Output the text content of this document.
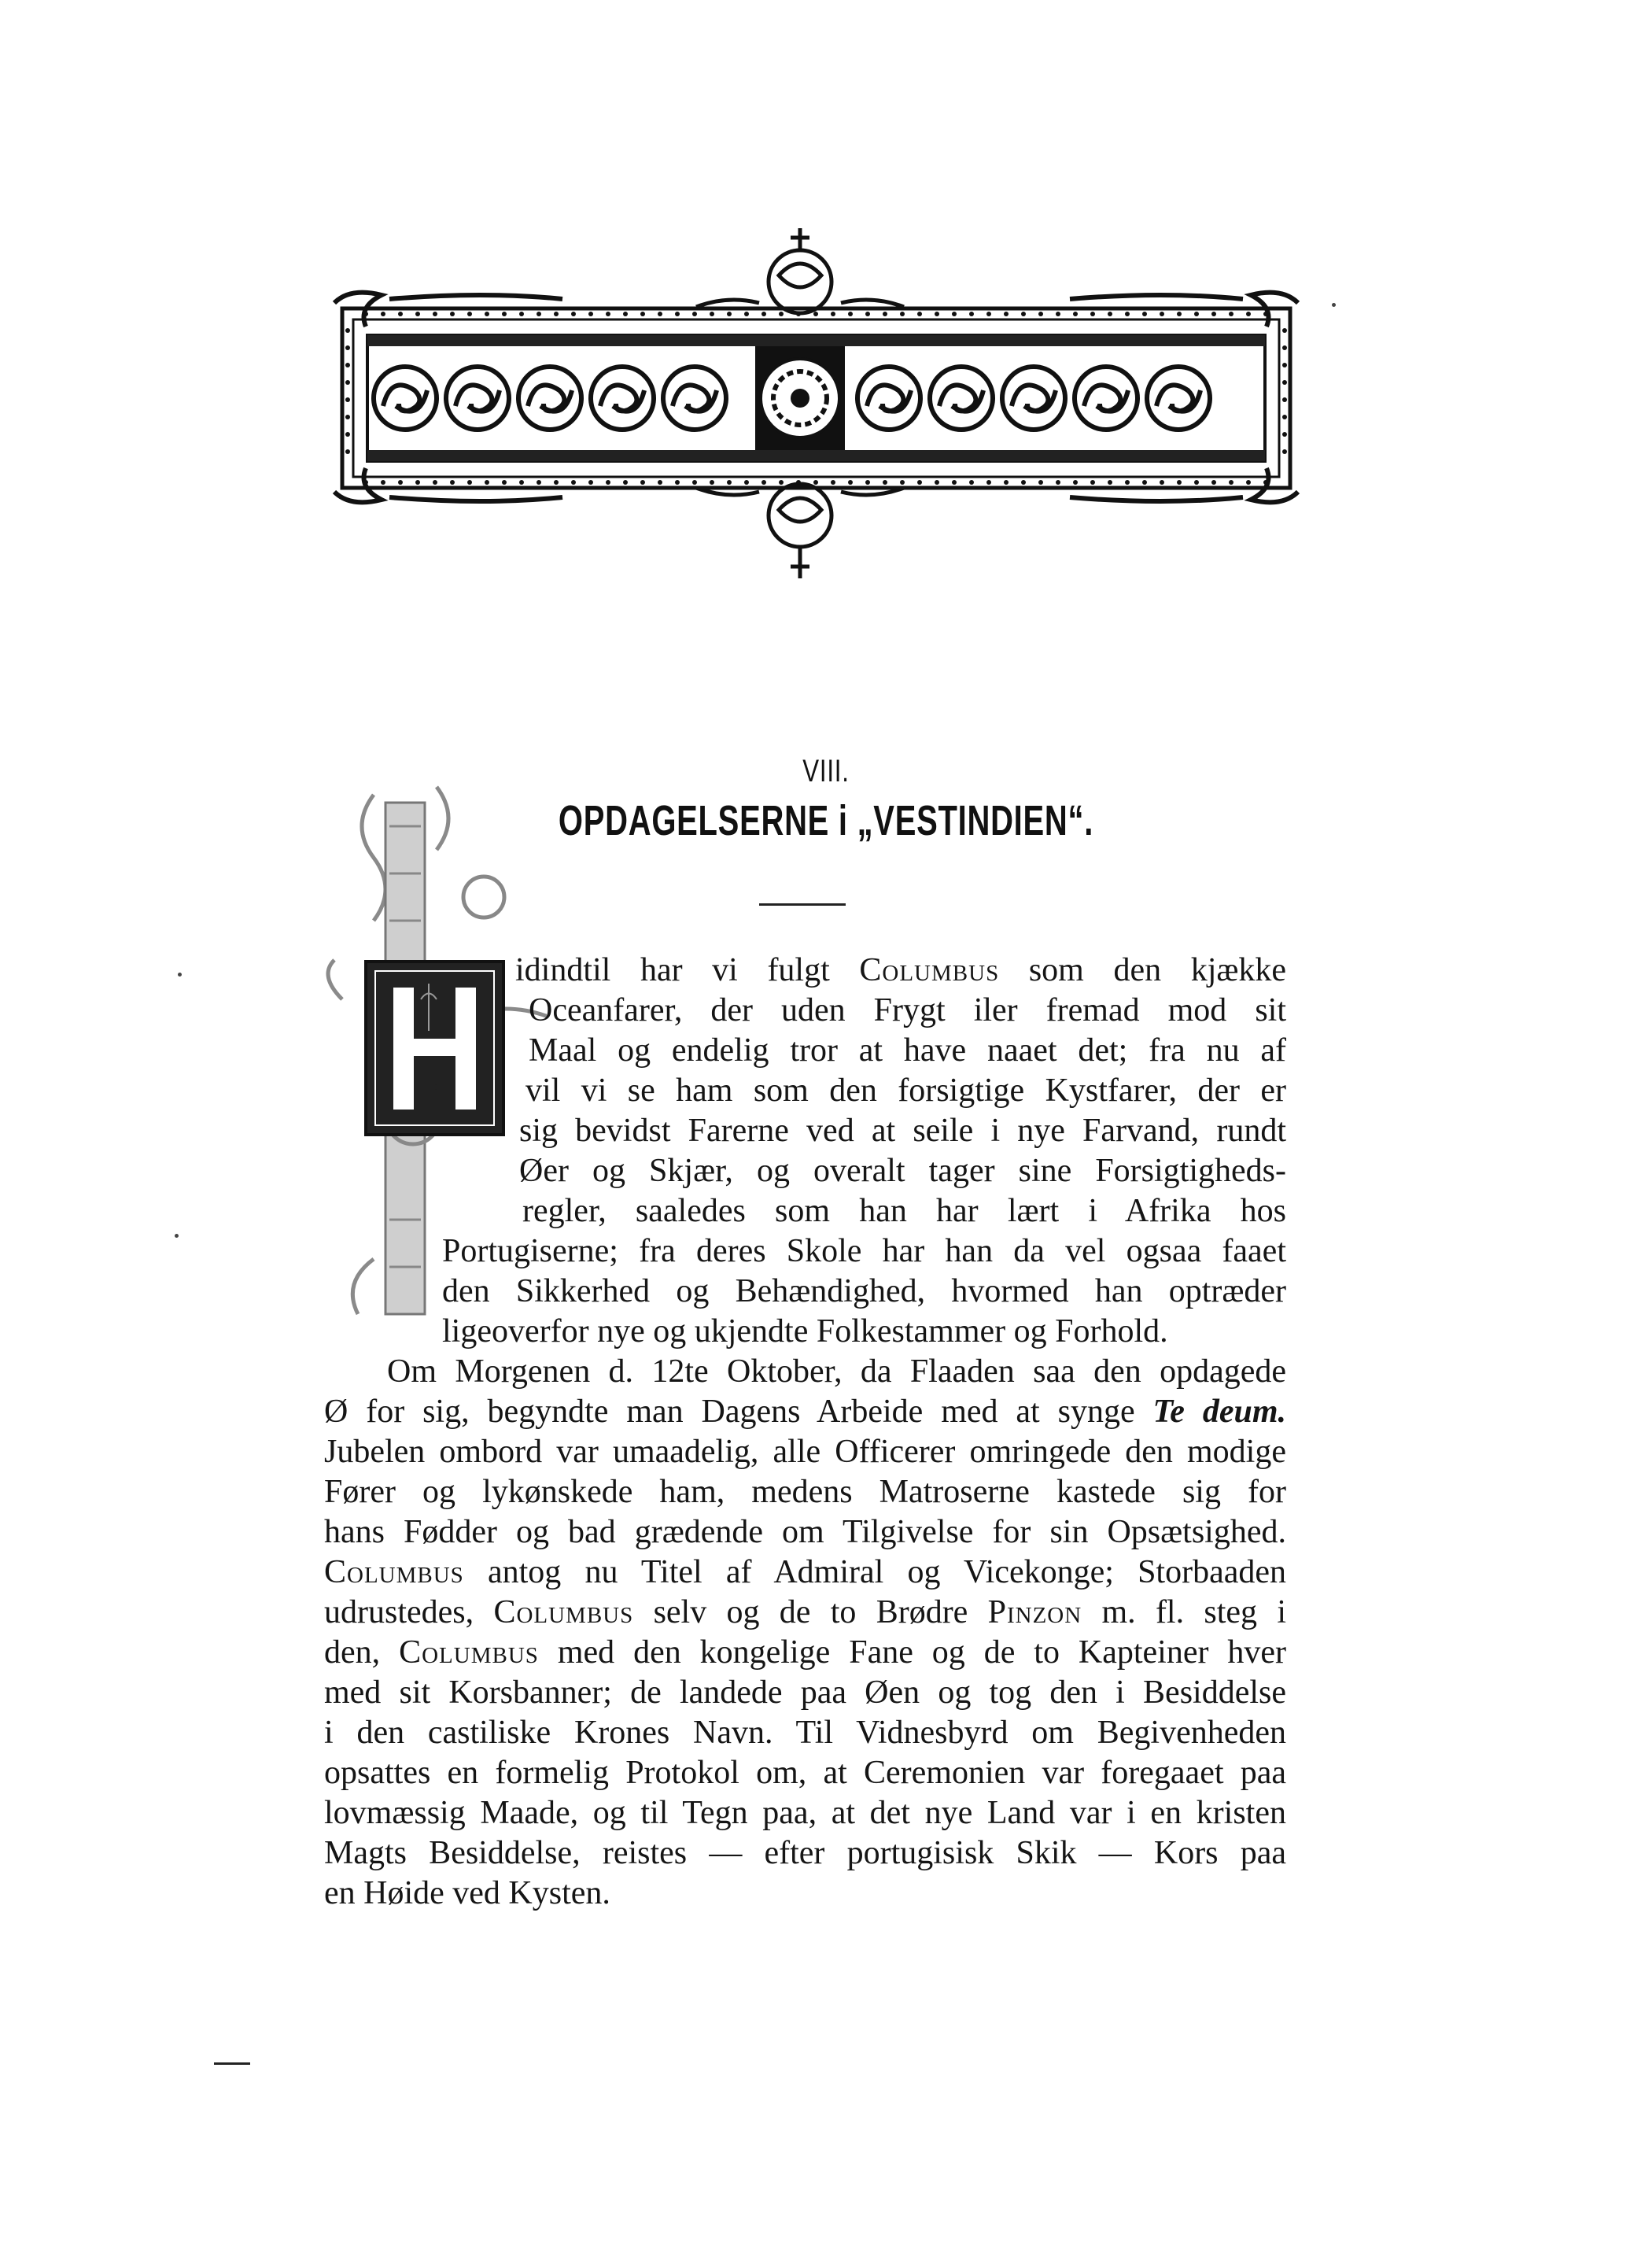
VIII.
OPDAGELSERNE i „VESTINDIEN“.
H
idindtil har vi fulgt Columbus som den kjække
Oceanfarer, der uden Frygt iler fremad mod sit
Maal og endelig tror at have naaet det; fra nu af
vil vi se ham som den forsigtige Kystfarer, der er
sig bevidst Farerne ved at seile i nye Farvand, rundt
Øer og Skjær, og overalt tager sine Forsigtigheds-
regler, saaledes som han har lært i Afrika hos
Portugiserne; fra deres Skole har han da vel ogsaa faaet
den Sikkerhed og Behændighed, hvormed han optræder
ligeoverfor nye og ukjendte Folkestammer og Forhold.
Om Morgenen d. 12te Oktober, da Flaaden saa den opdagede
Ø for sig, begyndte man Dagens Arbeide med at synge Te deum.
Jubelen ombord var umaadelig, alle Officerer omringede den modige
Fører og lykønskede ham, medens Matroserne kastede sig for
hans Fødder og bad grædende om Tilgivelse for sin Opsætsighed.
Columbus antog nu Titel af Admiral og Vicekonge; Storbaaden
udrustedes, Columbus selv og de to Brødre Pinzon m. fl. steg i
den, Columbus med den kongelige Fane og de to Kapteiner hver
med sit Korsbanner; de landede paa Øen og tog den i Besiddelse
i den castiliske Krones Navn. Til Vidnesbyrd om Begivenheden
opsattes en formelig Protokol om, at Ceremonien var foregaaet paa
lovmæssig Maade, og til Tegn paa, at det nye Land var i en kristen
Magts Besiddelse, reistes — efter portugisisk Skik — Kors paa
en Høide ved Kysten.
